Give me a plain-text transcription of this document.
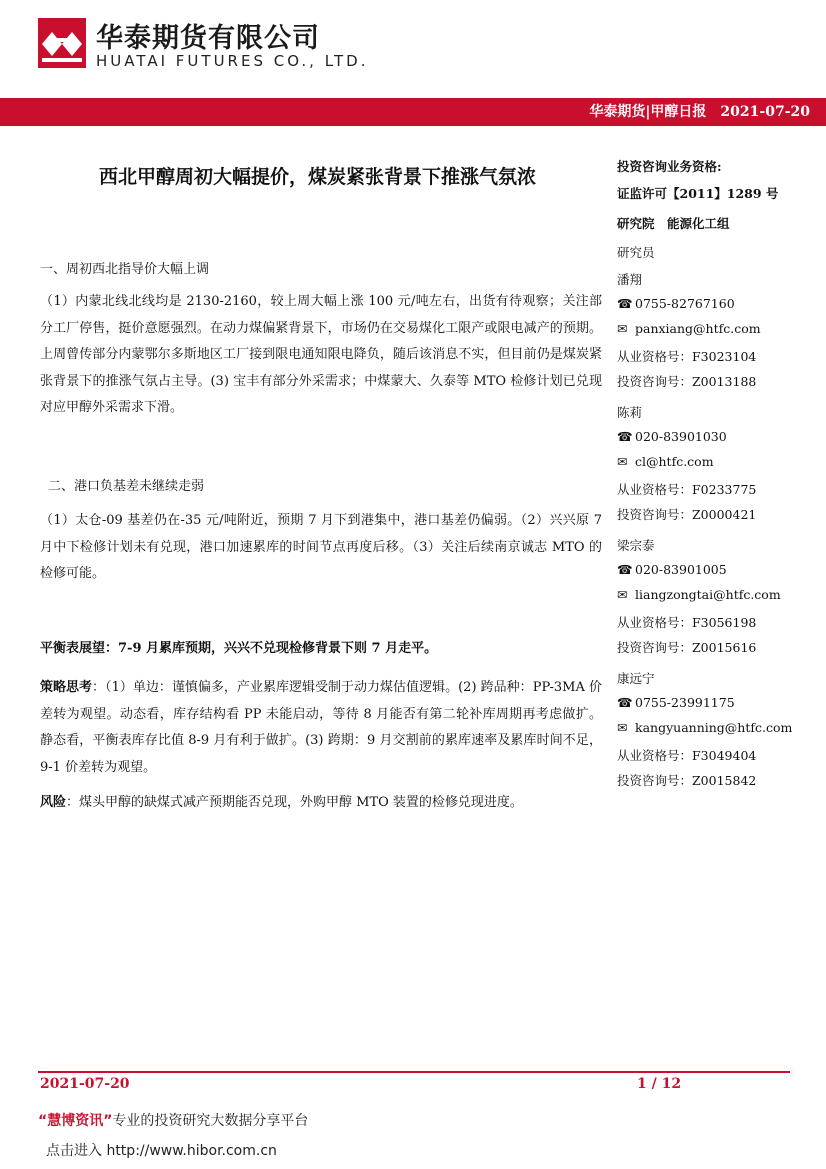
华泰期货有限公司
HUATAI FUTURES CO., LTD.
华泰期货|甲醇日报　2021-07-20
西北甲醇周初大幅提价，煤炭紧张背景下推涨气氛浓
一、周初西北指导价大幅上调
（1）内蒙北线北线均是 2130-2160，较上周大幅上涨 100 元/吨左右，出货有待观察；关注部分工厂停售，挺价意愿强烈。在动力煤偏紧背景下，市场仍在交易煤化工限产或限电减产的预期。上周曾传部分内蒙鄂尔多斯地区工厂接到限电通知限电降负，随后该消息不实，但目前仍是煤炭紧张背景下的推涨气氛占主导。(3) 宝丰有部分外采需求；中煤蒙大、久泰等 MTO 检修计划已兑现对应甲醇外采需求下滑。
二、港口负基差未继续走弱
（1）太仓-09 基差仍在-35 元/吨附近，预期 7 月下到港集中，港口基差仍偏弱。（2）兴兴原 7 月中下检修计划未有兑现，港口加速累库的时间节点再度后移。（3）关注后续南京诚志 MTO 的检修可能。
平衡表展望：7-9 月累库预期，兴兴不兑现检修背景下则 7 月走平。
策略思考：（1）单边：谨慎偏多，产业累库逻辑受制于动力煤估值逻辑。(2) 跨品种：PP-3MA 价差转为观望。动态看，库存结构看 PP 未能启动，等待 8 月能否有第二轮补库周期再考虑做扩。静态看，平衡表库存比值 8-9 月有利于做扩。(3) 跨期：9 月交割前的累库速率及累库时间不足，9-1 价差转为观望。
风险：煤头甲醇的缺煤式减产预期能否兑现，外购甲醇 MTO 装置的检修兑现进度。
投资咨询业务资格:
证监许可【2011】1289 号
研究院　能源化工组
研究员
潘翔
☎ 0755-82767160
✉ panxiang@htfc.com
从业资格号：F3023104
投资咨询号：Z0013188
陈莉
☎ 020-83901030
✉ cl@htfc.com
从业资格号：F0233775
投资咨询号：Z0000421
梁宗泰
☎ 020-83901005
✉ liangzongtai@htfc.com
从业资格号：F3056198
投资咨询号：Z0015616
康远宁
☎ 0755-23991175
✉ kangyuanning@htfc.com
从业资格号：F3049404
投资咨询号：Z0015842
2021-07-20	1 / 12
“慧博资讯”专业的投资研究大数据分享平台
点击进入 http://www.hibor.com.cn
